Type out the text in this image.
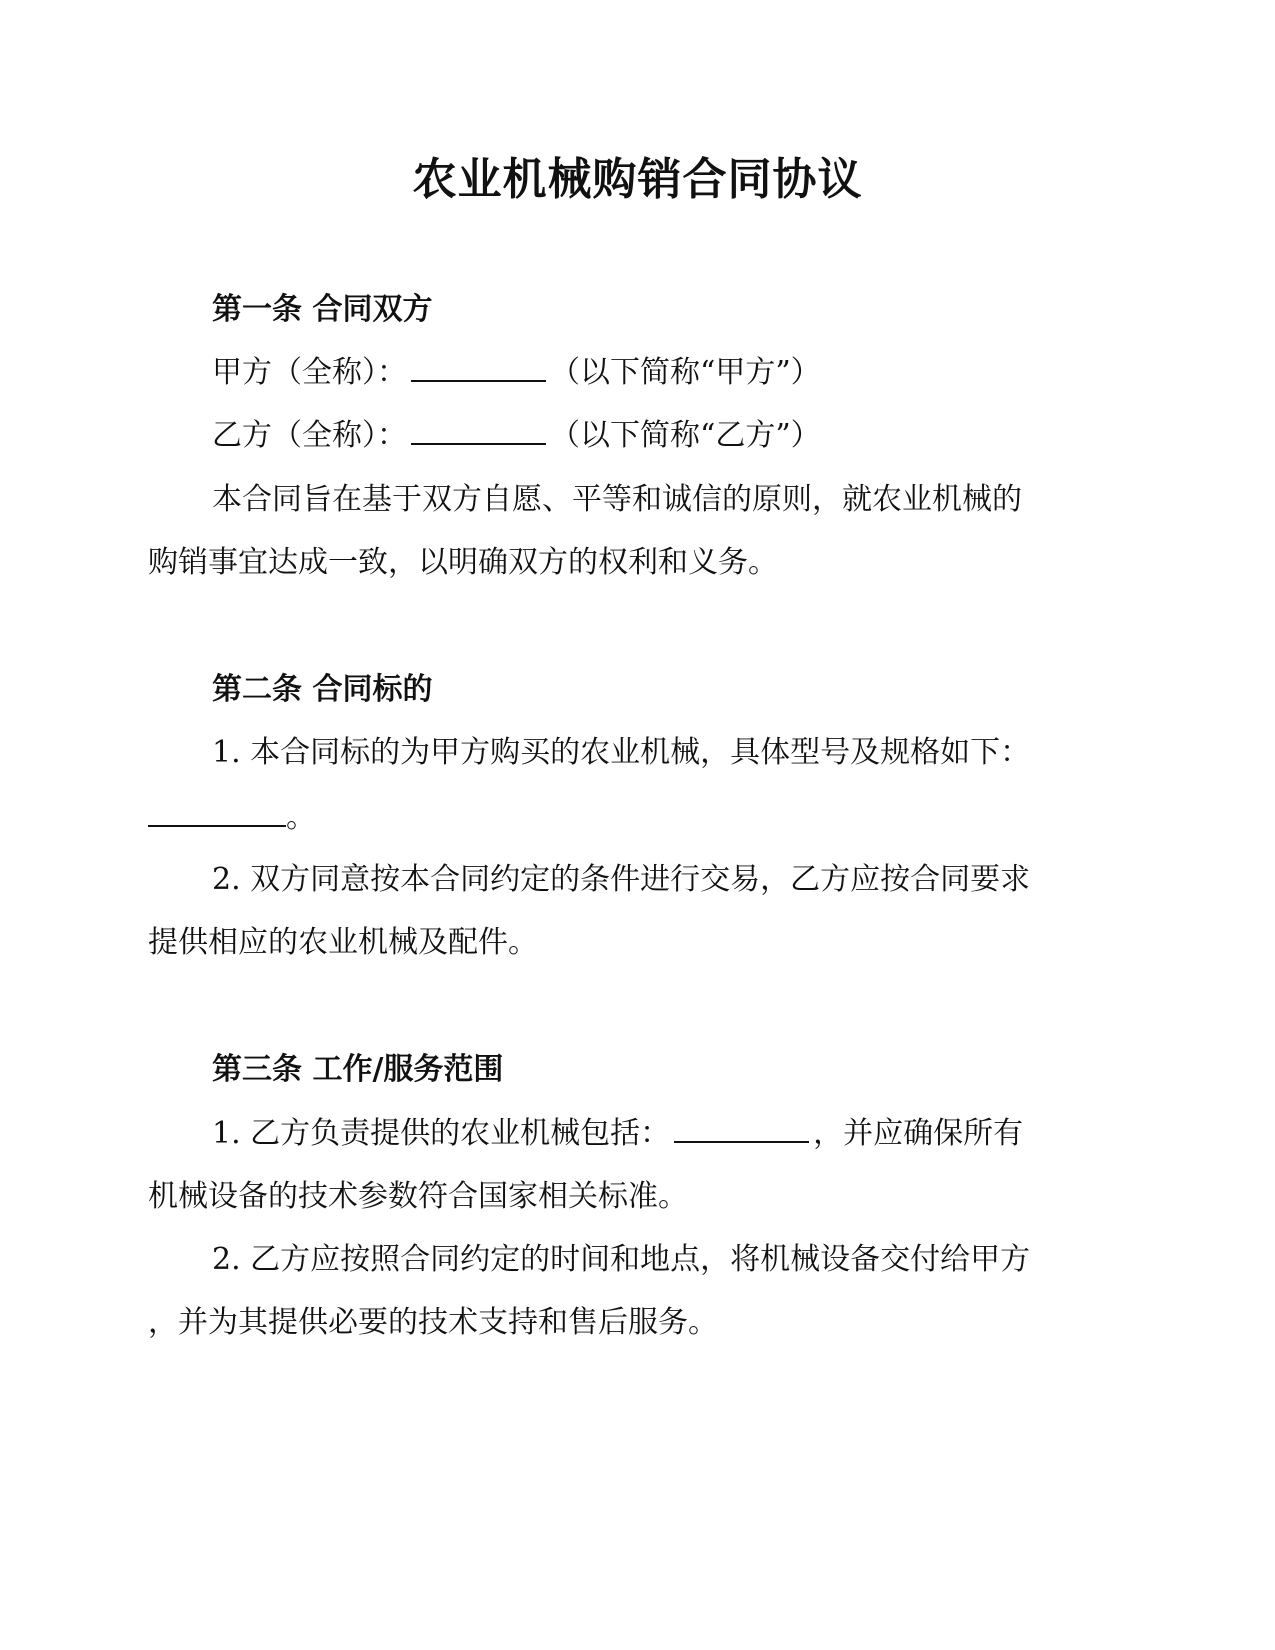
农业机械购销合同协议
第一条 合同双方
甲方（全称）：	（以下简称“甲方”）
乙方（全称）：	（以下简称“乙方”）
本合同旨在基于双方自愿、平等和诚信的原则，就农业机械的
购销事宜达成一致，以明确双方的权利和义务。
第二条 合同标的
1. 本合同标的为甲方购买的农业机械，具体型号及规格如下：
。
2. 双方同意按本合同约定的条件进行交易，乙方应按合同要求
提供相应的农业机械及配件。
第三条 工作/服务范围
1. 乙方负责提供的农业机械包括：	，并应确保所有
机械设备的技术参数符合国家相关标准。
2. 乙方应按照合同约定的时间和地点，将机械设备交付给甲方
，并为其提供必要的技术支持和售后服务。
